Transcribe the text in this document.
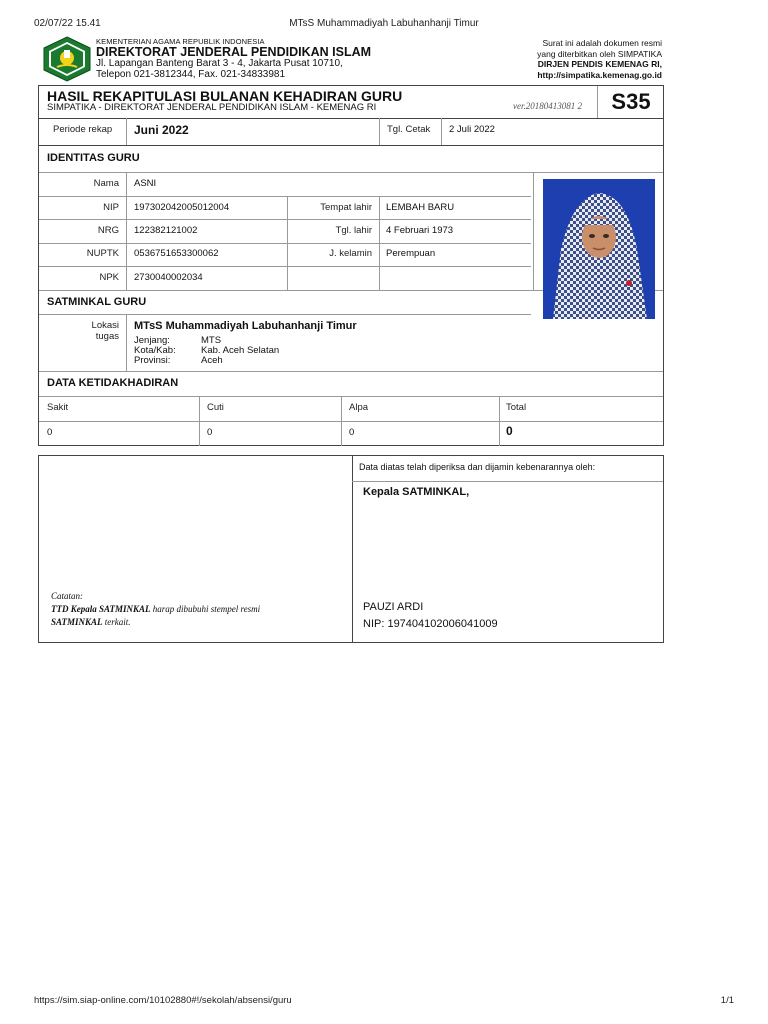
02/07/22 15.41	MTsS Muhammadiyah Labuhanhanji Timur
KEMENTERIAN AGAMA REPUBLIK INDONESIA
DIREKTORAT JENDERAL PENDIDIKAN ISLAM
Jl. Lapangan Banteng Barat 3 - 4, Jakarta Pusat 10710,
Telepon 021-3812344, Fax. 021-34833981
Surat ini adalah dokumen resmi
yang diterbitkan oleh SIMPATIKA
DIRJEN PENDIS KEMENAG RI,
http://simpatika.kemenag.go.id
HASIL REKAPITULASI BULANAN KEHADIRAN GURU
SIMPATIKA - DIREKTORAT JENDERAL PENDIDIKAN ISLAM - KEMENAG RI	ver.20180413081 2	S35
Periode rekap Juni 2022	Tgl. Cetak 2 Juli 2022
IDENTITAS GURU
Nama ASNI
NIP 197302042005012004	Tempat lahir LEMBAH BARU
NRG 122382121002	Tgl. lahir 4 Februari 1973
NUPTK 0536751653300062	J. kelamin Perempuan
NPK 2730040002034
SATMINKAL GURU
Lokasi
tugas
MTsS Muhammadiyah Labuhanhanji Timur
Jenjang:	MTS
Kota/Kab:	Kab. Aceh Selatan
Provinsi:	Aceh
DATA KETIDAKHADIRAN
Sakit	Cuti	Alpa	Total
0	0	0	0
Catatan:
TTD Kepala SATMINKAL harap dibubuhi stempel resmi
SATMINKAL terkait.
Data diatas telah diperiksa dan dijamin kebenarannya oleh:
Kepala SATMINKAL,
PAUZI ARDI
NIP: 197404102006041009
https://sim.siap-online.com/10102880#!/sekolah/absensi/guru	1/1
